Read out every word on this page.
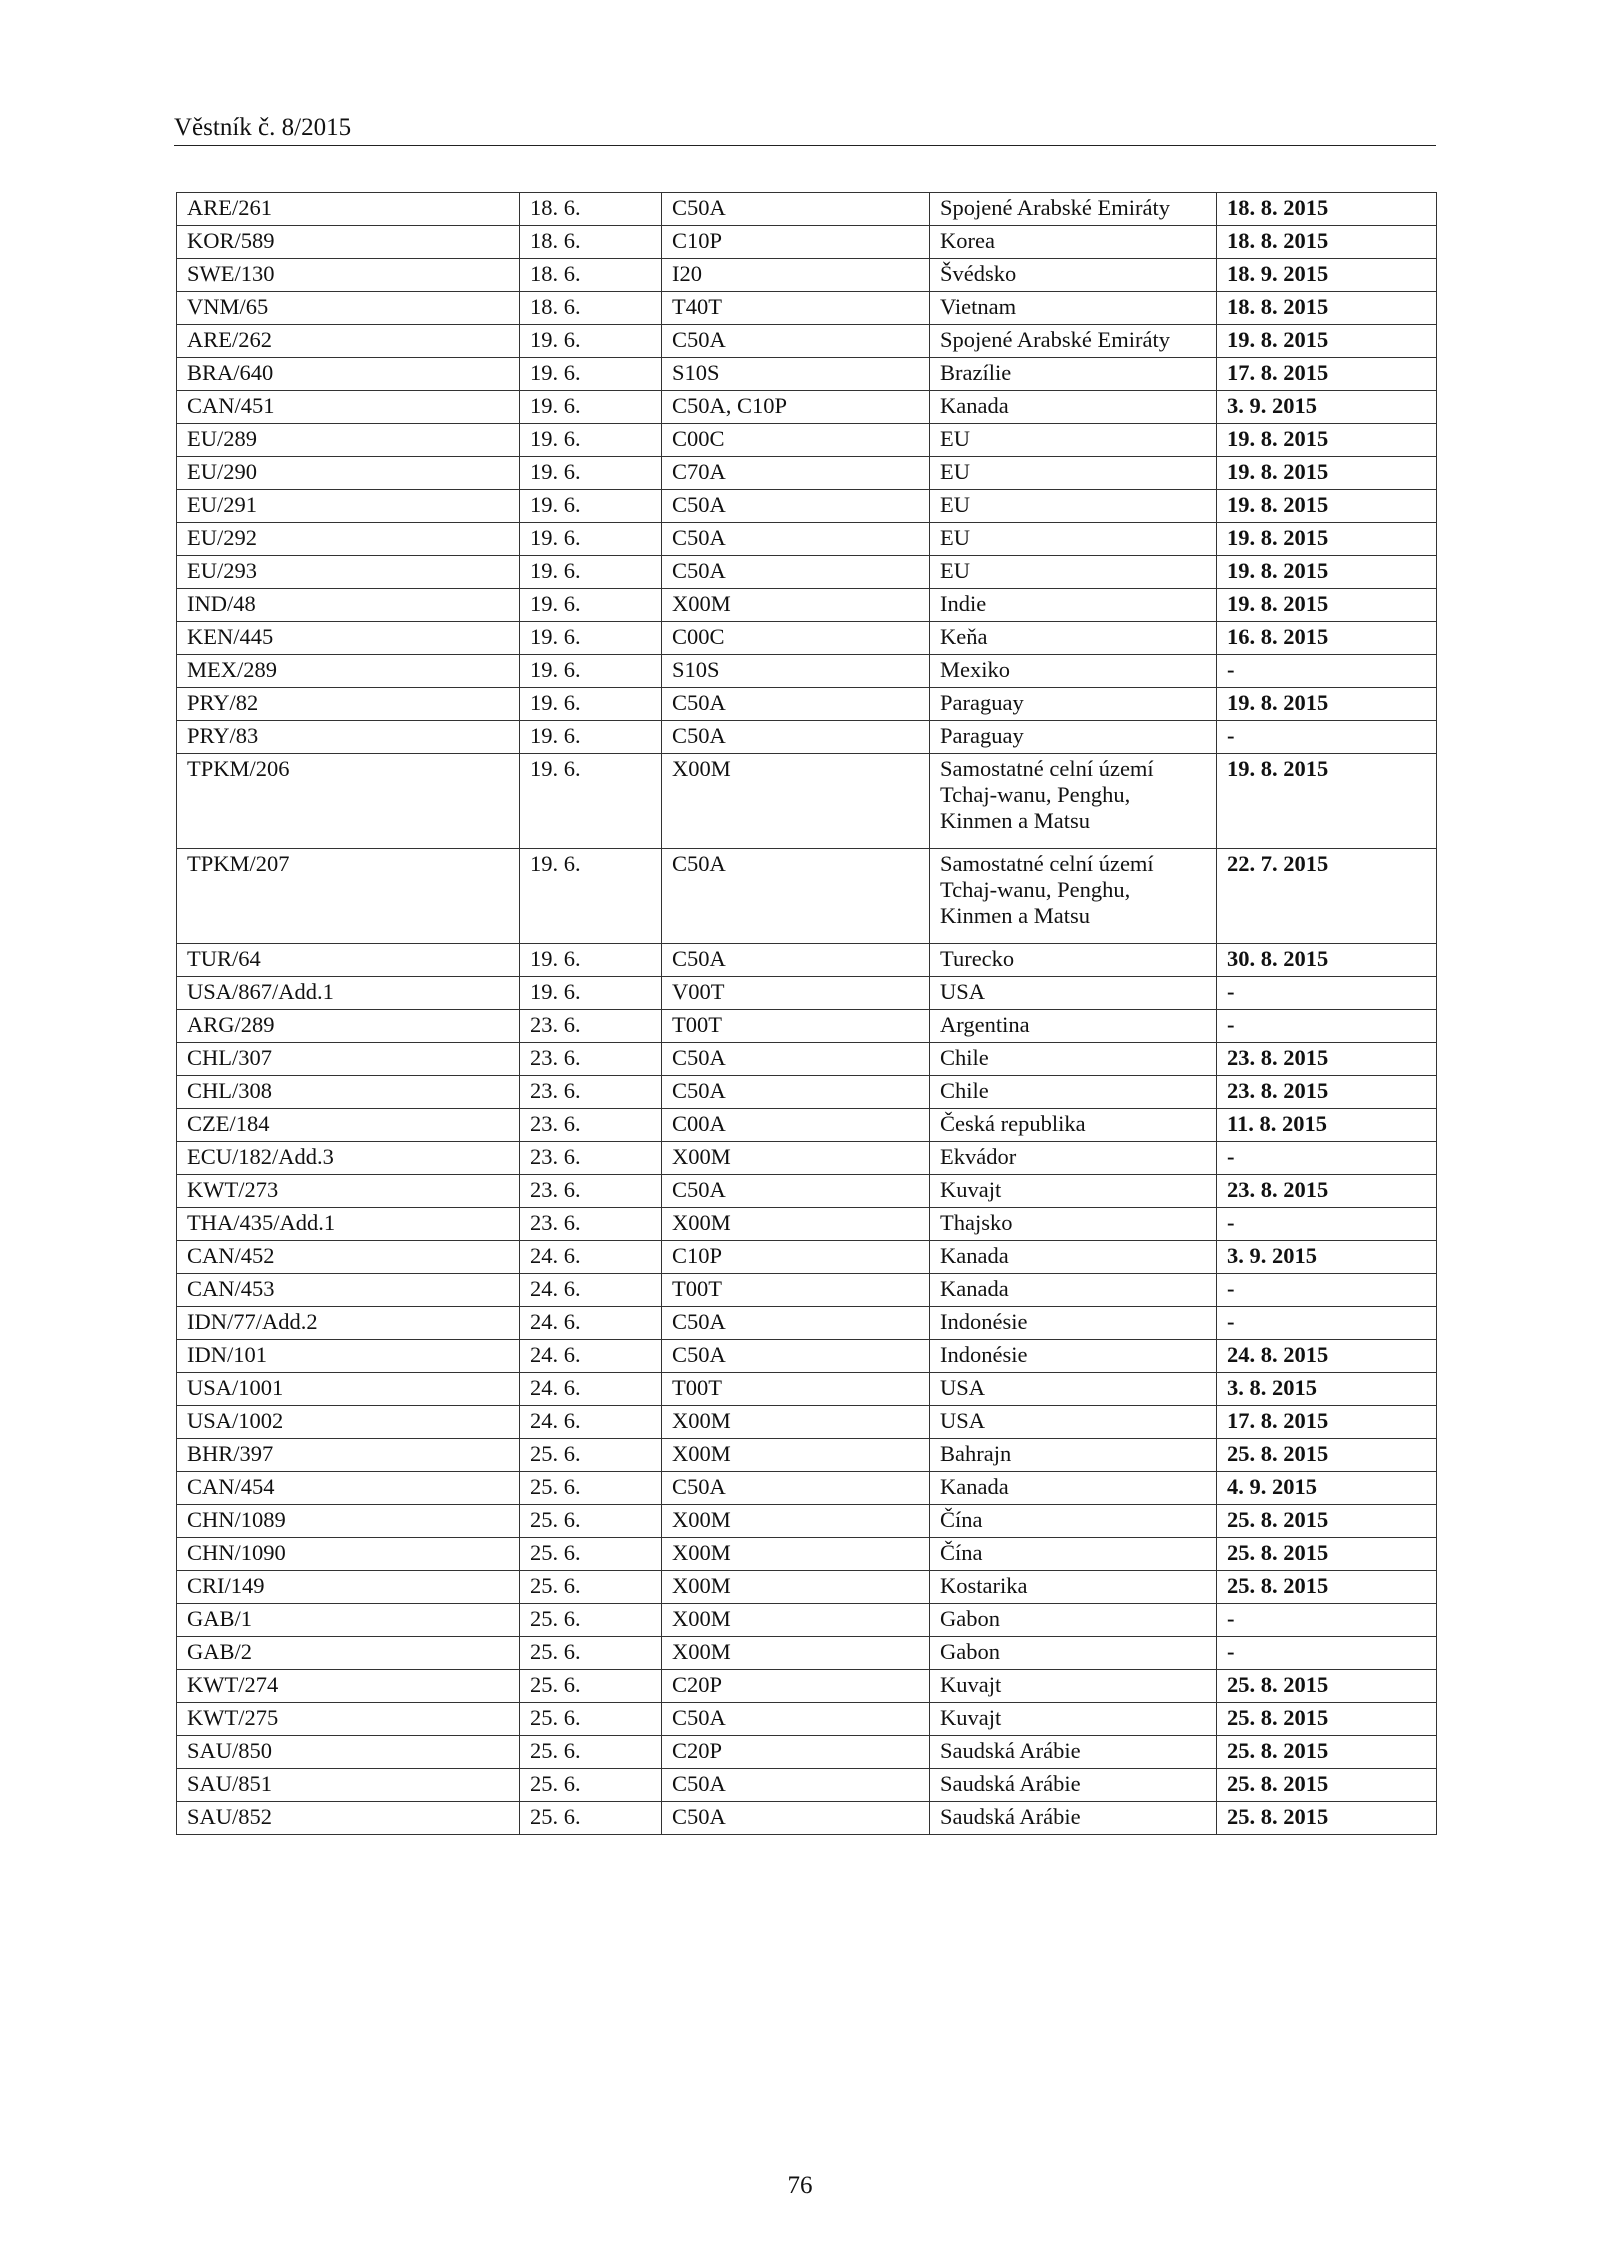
Věstník č. 8/2015
ARE/261	18. 6.	C50A	Spojené Arabské Emiráty	18. 8. 2015
KOR/589	18. 6.	C10P	Korea	18. 8. 2015
SWE/130	18. 6.	I20	Švédsko	18. 9. 2015
VNM/65	18. 6.	T40T	Vietnam	18. 8. 2015
ARE/262	19. 6.	C50A	Spojené Arabské Emiráty	19. 8. 2015
BRA/640	19. 6.	S10S	Brazílie	17. 8. 2015
CAN/451	19. 6.	C50A, C10P	Kanada	3. 9. 2015
EU/289	19. 6.	C00C	EU	19. 8. 2015
EU/290	19. 6.	C70A	EU	19. 8. 2015
EU/291	19. 6.	C50A	EU	19. 8. 2015
EU/292	19. 6.	C50A	EU	19. 8. 2015
EU/293	19. 6.	C50A	EU	19. 8. 2015
IND/48	19. 6.	X00M	Indie	19. 8. 2015
KEN/445	19. 6.	C00C	Keňa	16. 8. 2015
MEX/289	19. 6.	S10S	Mexiko	-
PRY/82	19. 6.	C50A	Paraguay	19. 8. 2015
PRY/83	19. 6.	C50A	Paraguay	-
TPKM/206	19. 6.	X00M	Samostatné celní území Tchaj-wanu, Penghu, Kinmen a Matsu	19. 8. 2015
TPKM/207	19. 6.	C50A	Samostatné celní území Tchaj-wanu, Penghu, Kinmen a Matsu	22. 7. 2015
TUR/64	19. 6.	C50A	Turecko	30. 8. 2015
USA/867/Add.1	19. 6.	V00T	USA	-
ARG/289	23. 6.	T00T	Argentina	-
CHL/307	23. 6.	C50A	Chile	23. 8. 2015
CHL/308	23. 6.	C50A	Chile	23. 8. 2015
CZE/184	23. 6.	C00A	Česká republika	11. 8. 2015
ECU/182/Add.3	23. 6.	X00M	Ekvádor	-
KWT/273	23. 6.	C50A	Kuvajt	23. 8. 2015
THA/435/Add.1	23. 6.	X00M	Thajsko	-
CAN/452	24. 6.	C10P	Kanada	3. 9. 2015
CAN/453	24. 6.	T00T	Kanada	-
IDN/77/Add.2	24. 6.	C50A	Indonésie	-
IDN/101	24. 6.	C50A	Indonésie	24. 8. 2015
USA/1001	24. 6.	T00T	USA	3. 8. 2015
USA/1002	24. 6.	X00M	USA	17. 8. 2015
BHR/397	25. 6.	X00M	Bahrajn	25. 8. 2015
CAN/454	25. 6.	C50A	Kanada	4. 9. 2015
CHN/1089	25. 6.	X00M	Čína	25. 8. 2015
CHN/1090	25. 6.	X00M	Čína	25. 8. 2015
CRI/149	25. 6.	X00M	Kostarika	25. 8. 2015
GAB/1	25. 6.	X00M	Gabon	-
GAB/2	25. 6.	X00M	Gabon	-
KWT/274	25. 6.	C20P	Kuvajt	25. 8. 2015
KWT/275	25. 6.	C50A	Kuvajt	25. 8. 2015
SAU/850	25. 6.	C20P	Saudská Arábie	25. 8. 2015
SAU/851	25. 6.	C50A	Saudská Arábie	25. 8. 2015
SAU/852	25. 6.	C50A	Saudská Arábie	25. 8. 2015
76
